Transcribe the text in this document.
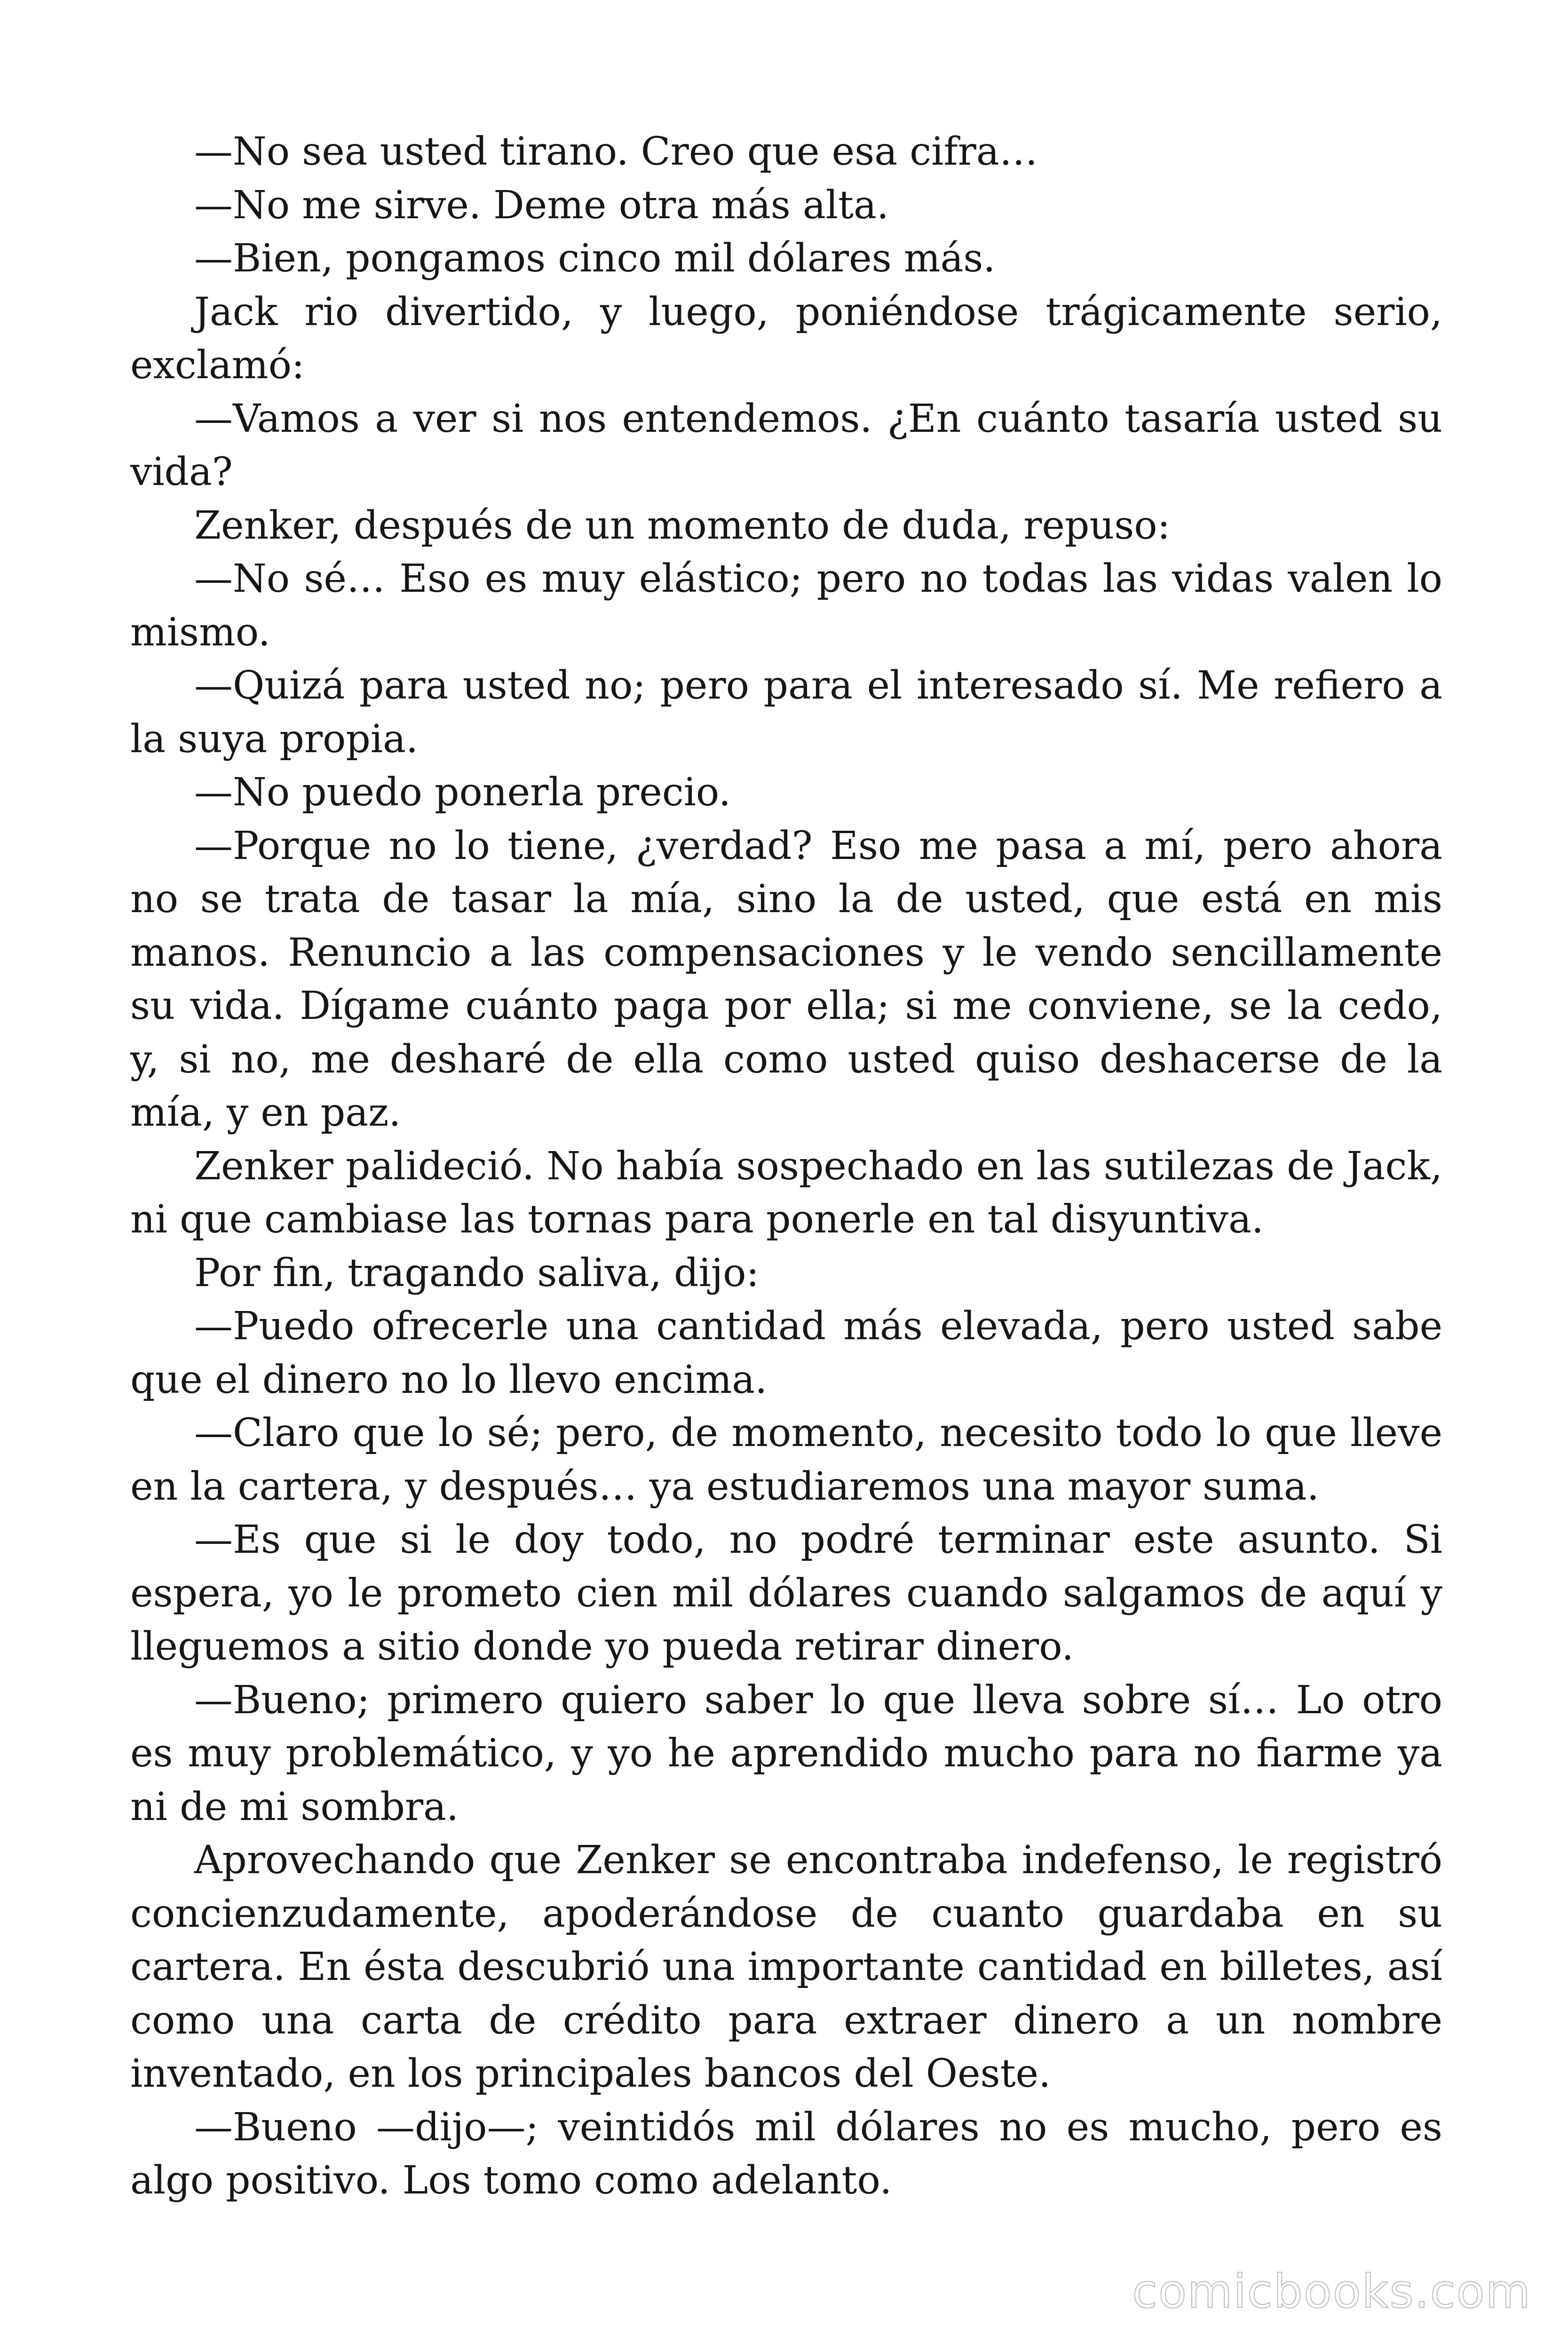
—No sea usted tirano. Creo que esa cifra…

—No me sirve. Deme otra más alta.

—Bien, pongamos cinco mil dólares más.

Jack rio divertido, y luego, poniéndose trágicamente serio, exclamó:

—Vamos a ver si nos entendemos. ¿En cuánto tasaría usted su vida?

Zenker, después de un momento de duda, repuso:

—No sé… Eso es muy elástico; pero no todas las vidas valen lo mismo.

—Quizá para usted no; pero para el interesado sí. Me refiero a la suya propia.

—No puedo ponerla precio.

—Porque no lo tiene, ¿verdad? Eso me pasa a mí, pero ahora no se trata de tasar la mía, sino la de usted, que está en mis manos. Renuncio a las compensaciones y le vendo sencillamente su vida. Dígame cuánto paga por ella; si me conviene, se la cedo, y, si no, me desharé de ella como usted quiso deshacerse de la mía, y en paz.

Zenker palideció. No había sospechado en las sutilezas de Jack, ni que cambiase las tornas para ponerle en tal disyuntiva.

Por fin, tragando saliva, dijo:

—Puedo ofrecerle una cantidad más elevada, pero usted sabe que el dinero no lo llevo encima.

—Claro que lo sé; pero, de momento, necesito todo lo que lleve en la cartera, y después… ya estudiaremos una mayor suma.

—Es que si le doy todo, no podré terminar este asunto. Si espera, yo le prometo cien mil dólares cuando salgamos de aquí y lleguemos a sitio donde yo pueda retirar dinero.

—Bueno; primero quiero saber lo que lleva sobre sí… Lo otro es muy problemático, y yo he aprendido mucho para no fiarme ya ni de mi sombra.

Aprovechando que Zenker se encontraba indefenso, le registró concienzudamente, apoderándose de cuanto guardaba en su cartera. En ésta descubrió una importante cantidad en billetes, así como una carta de crédito para extraer dinero a un nombre inventado, en los principales bancos del Oeste.

—Bueno —dijo—; veintidós mil dólares no es mucho, pero es algo positivo. Los tomo como adelanto.

comicbooks.com
